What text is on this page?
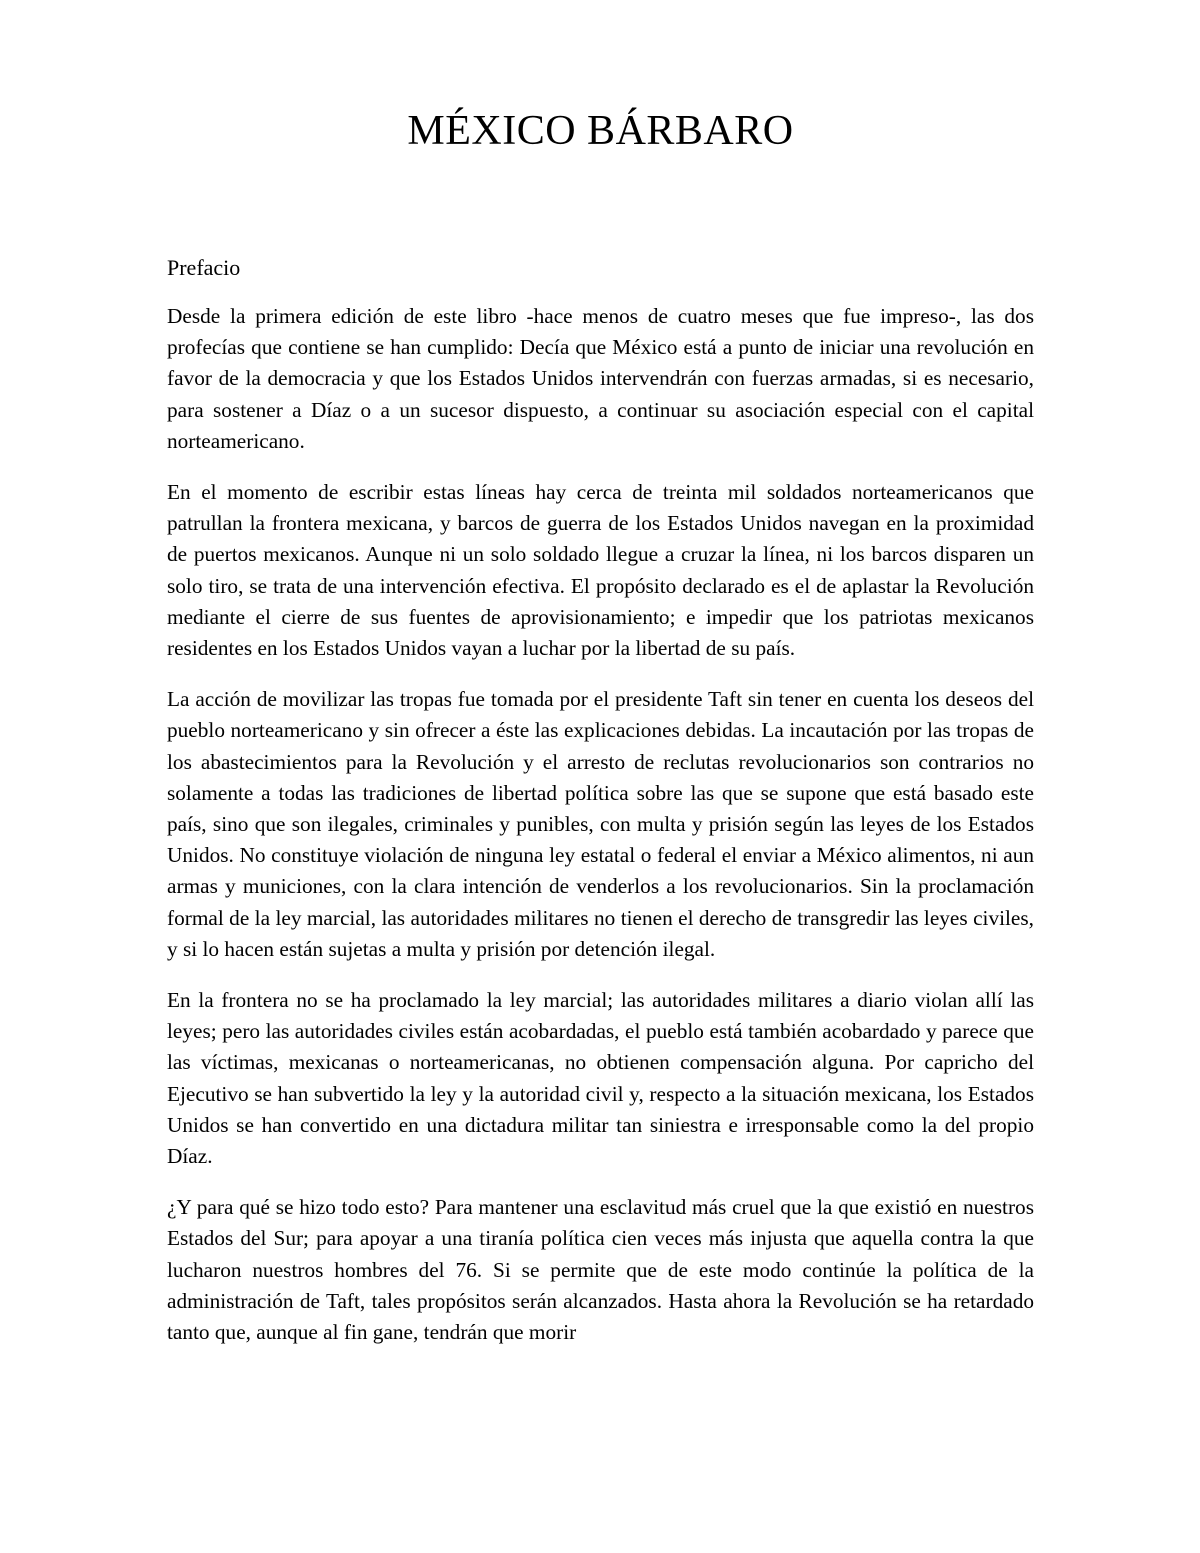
MÉXICO BÁRBARO

Prefacio

Desde la primera edición de este libro -hace menos de cuatro meses que fue impreso-, las dos profecías que contiene se han cumplido: Decía que México está a punto de iniciar una revolución en favor de la democracia y que los Estados Unidos intervendrán con fuerzas armadas, si es necesario, para sostener a Díaz o a un sucesor dispuesto, a continuar su asociación especial con el capital norteamericano.

En el momento de escribir estas líneas hay cerca de treinta mil soldados norteamericanos que patrullan la frontera mexicana, y barcos de guerra de los Estados Unidos navegan en la proximidad de puertos mexicanos. Aunque ni un solo soldado llegue a cruzar la línea, ni los barcos disparen un solo tiro, se trata de una intervención efectiva. El propósito declarado es el de aplastar la Revolución mediante el cierre de sus fuentes de aprovisionamiento; e impedir que los patriotas mexicanos residentes en los Estados Unidos vayan a luchar por la libertad de su país.

La acción de movilizar las tropas fue tomada por el presidente Taft sin tener en cuenta los deseos del pueblo norteamericano y sin ofrecer a éste las explicaciones debidas. La incautación por las tropas de los abastecimientos para la Revolución y el arresto de reclutas revolucionarios son contrarios no solamente a todas las tradiciones de libertad política sobre las que se supone que está basado este país, sino que son ilegales, criminales y punibles, con multa y prisión según las leyes de los Estados Unidos. No constituye violación de ninguna ley estatal o federal el enviar a México alimentos, ni aun armas y municiones, con la clara intención de venderlos a los revolucionarios. Sin la proclamación formal de la ley marcial, las autoridades militares no tienen el derecho de transgredir las leyes civiles, y si lo hacen están sujetas a multa y prisión por detención ilegal.

En la frontera no se ha proclamado la ley marcial; las autoridades militares a diario violan allí las leyes; pero las autoridades civiles están acobardadas, el pueblo está también acobardado y parece que las víctimas, mexicanas o norteamericanas, no obtienen compensación alguna. Por capricho del Ejecutivo se han subvertido la ley y la autoridad civil y, respecto a la situación mexicana, los Estados Unidos se han convertido en una dictadura militar tan siniestra e irresponsable como la del propio Díaz.

¿Y para qué se hizo todo esto? Para mantener una esclavitud más cruel que la que existió en nuestros Estados del Sur; para apoyar a una tiranía política cien veces más injusta que aquella contra la que lucharon nuestros hombres del 76. Si se permite que de este modo continúe la política de la administración de Taft, tales propósitos serán alcanzados. Hasta ahora la Revolución se ha retardado tanto que, aunque al fin gane, tendrán que morir
